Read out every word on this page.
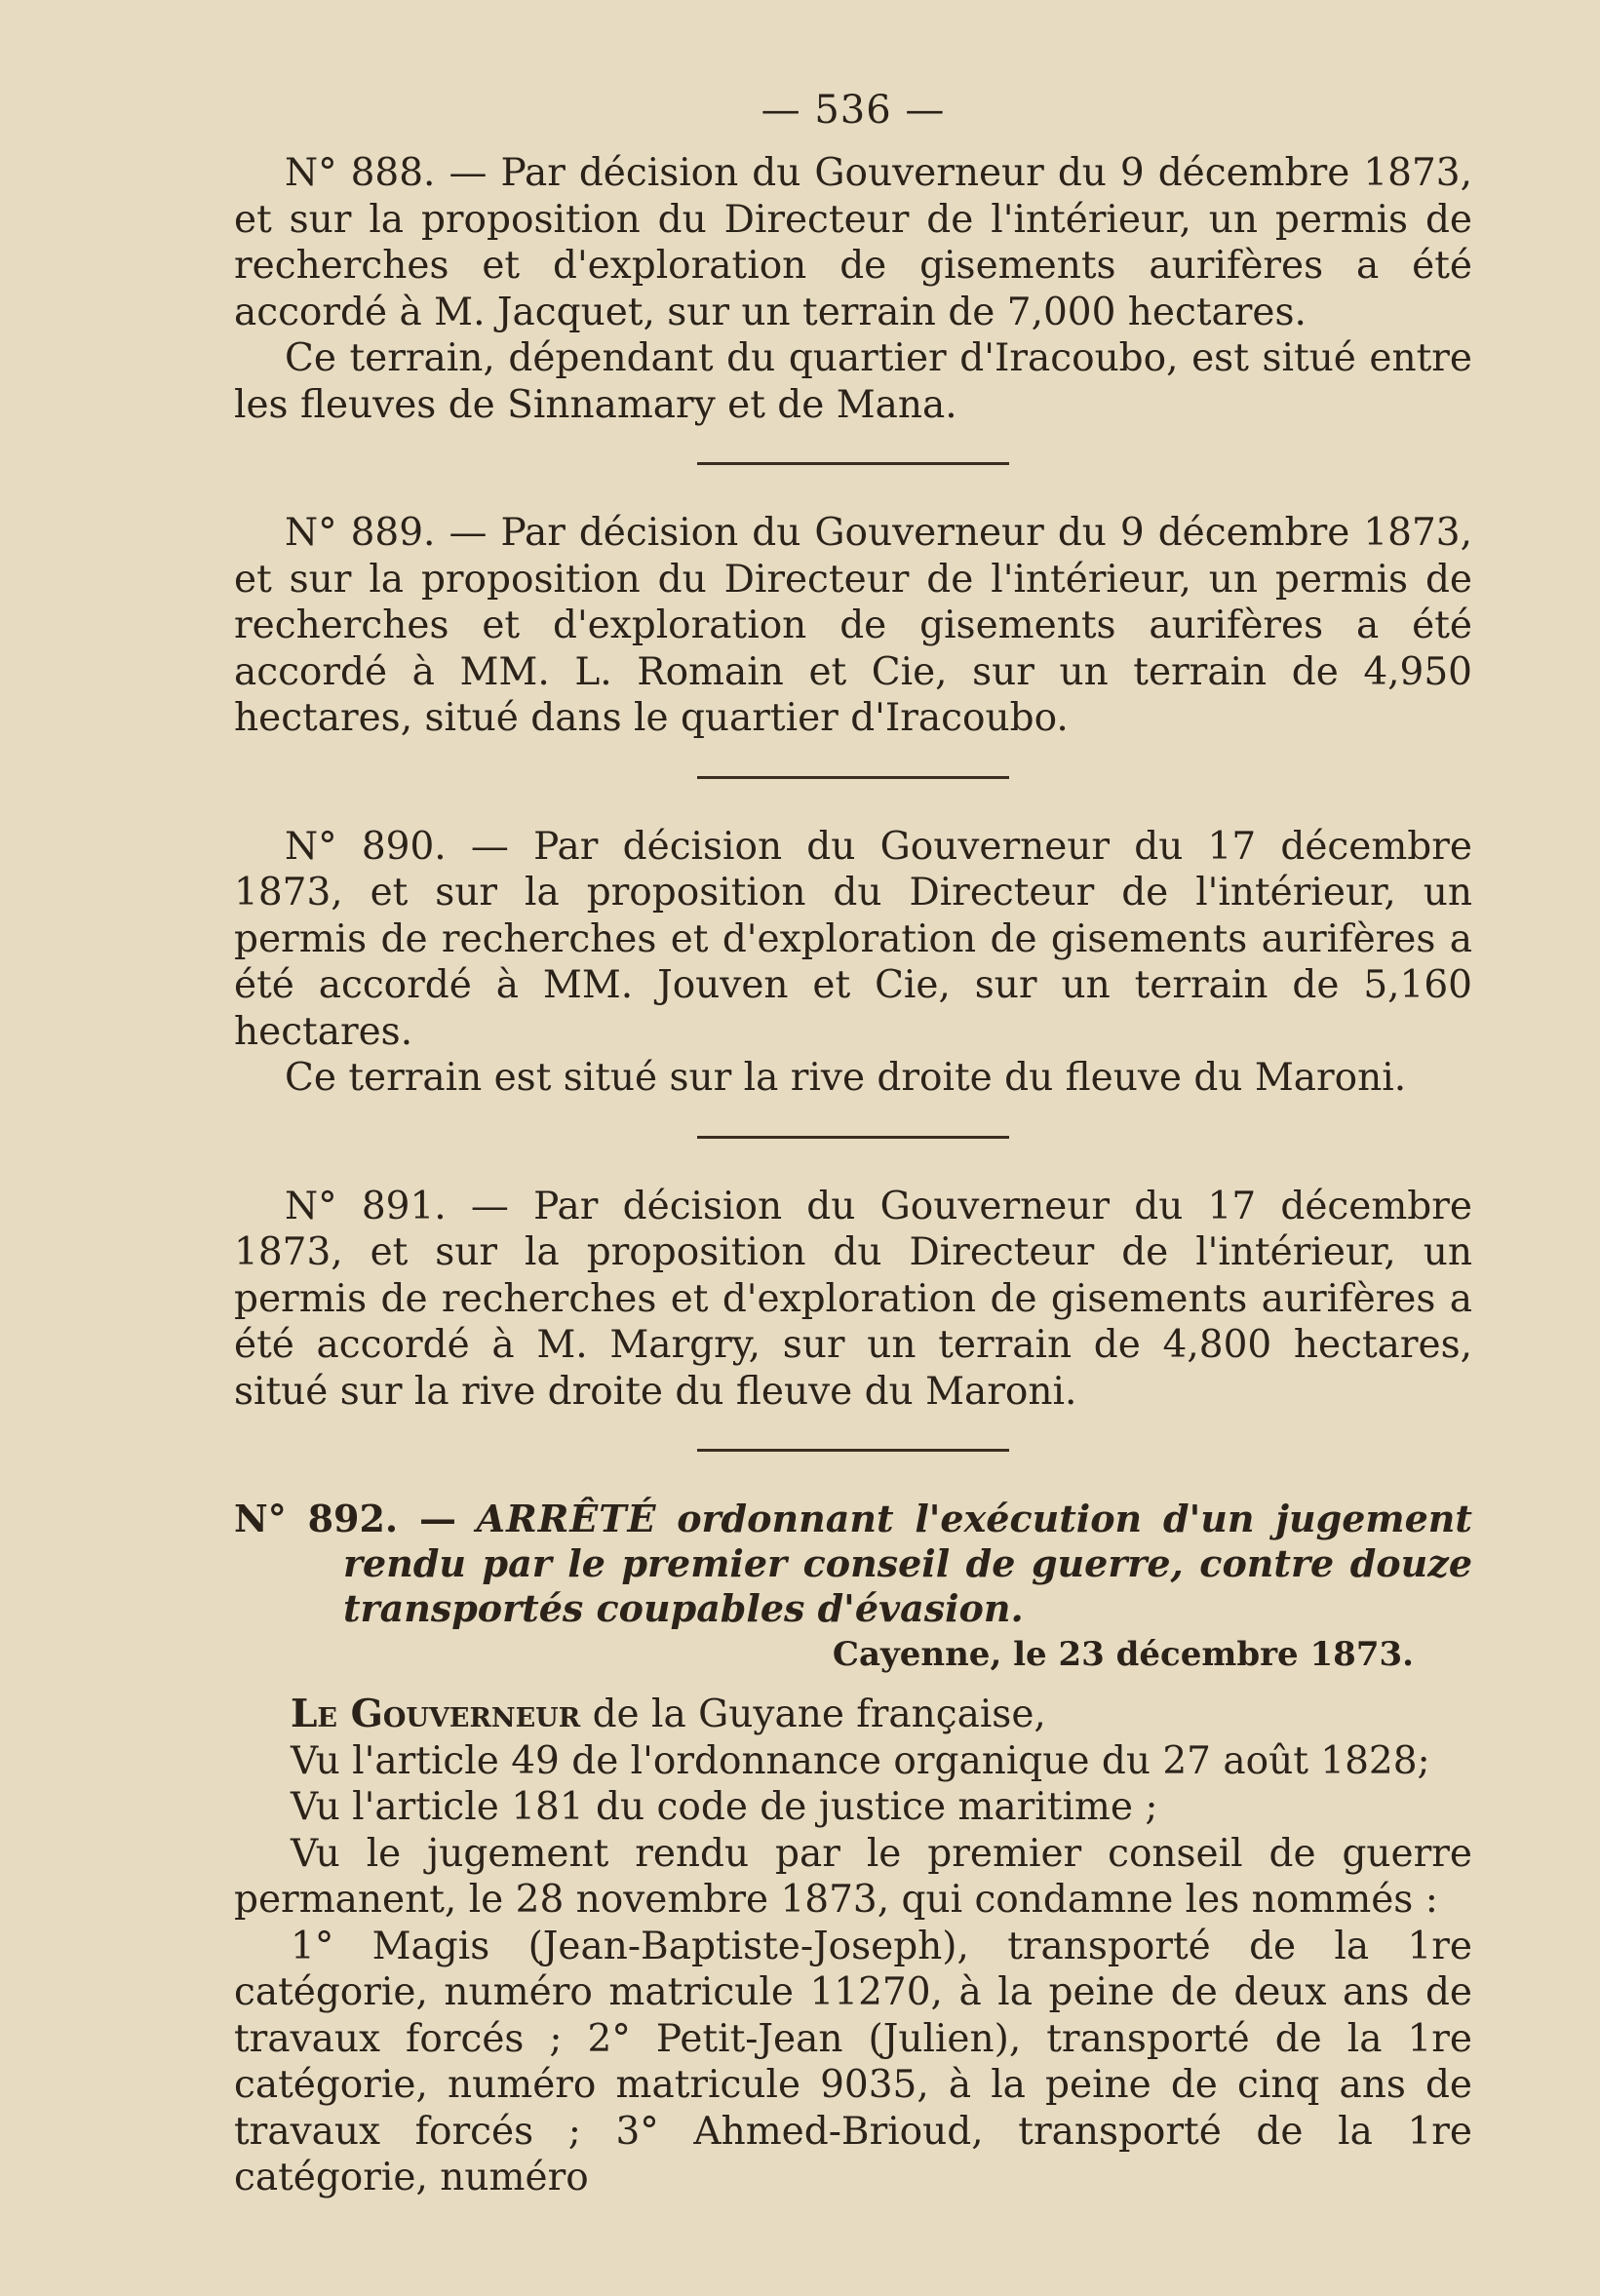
— 536 —

N° 888. — Par décision du Gouverneur du 9 décembre 1873, et sur la proposition du Directeur de l'intérieur, un permis de recherches et d'exploration de gisements aurifères a été accordé à M. Jacquet, sur un terrain de 7,000 hectares.

Ce terrain, dépendant du quartier d'Iracoubo, est situé entre les fleuves de Sinnamary et de Mana.

N° 889. — Par décision du Gouverneur du 9 décembre 1873, et sur la proposition du Directeur de l'intérieur, un permis de recherches et d'exploration de gisements aurifères a été accordé à MM. L. Romain et Cie, sur un terrain de 4,950 hectares, situé dans le quartier d'Iracoubo.

N° 890. — Par décision du Gouverneur du 17 décembre 1873, et sur la proposition du Directeur de l'intérieur, un permis de recherches et d'exploration de gisements aurifères a été accordé à MM. Jouven et Cie, sur un terrain de 5,160 hectares.

Ce terrain est situé sur la rive droite du fleuve du Maroni.

N° 891. — Par décision du Gouverneur du 17 décembre 1873, et sur la proposition du Directeur de l'intérieur, un permis de recherches et d'exploration de gisements aurifères a été accordé à M. Margry, sur un terrain de 4,800 hectares, situé sur la rive droite du fleuve du Maroni.

N° 892. — ARRÊTÉ ordonnant l'exécution d'un jugement rendu par le premier conseil de guerre, contre douze transportés coupables d'évasion.
Cayenne, le 23 décembre 1873.

Le Gouverneur de la Guyane française,

Vu l'article 49 de l'ordonnance organique du 27 août 1828;

Vu l'article 181 du code de justice maritime ;

Vu le jugement rendu par le premier conseil de guerre permanent, le 28 novembre 1873, qui condamne les nommés :

1° Magis (Jean-Baptiste-Joseph), transporté de la 1re catégorie, numéro matricule 11270, à la peine de deux ans de travaux forcés ; 2° Petit-Jean (Julien), transporté de la 1re catégorie, numéro matricule 9035, à la peine de cinq ans de travaux forcés ; 3° Ahmed-Brioud, transporté de la 1re catégorie, numéro
